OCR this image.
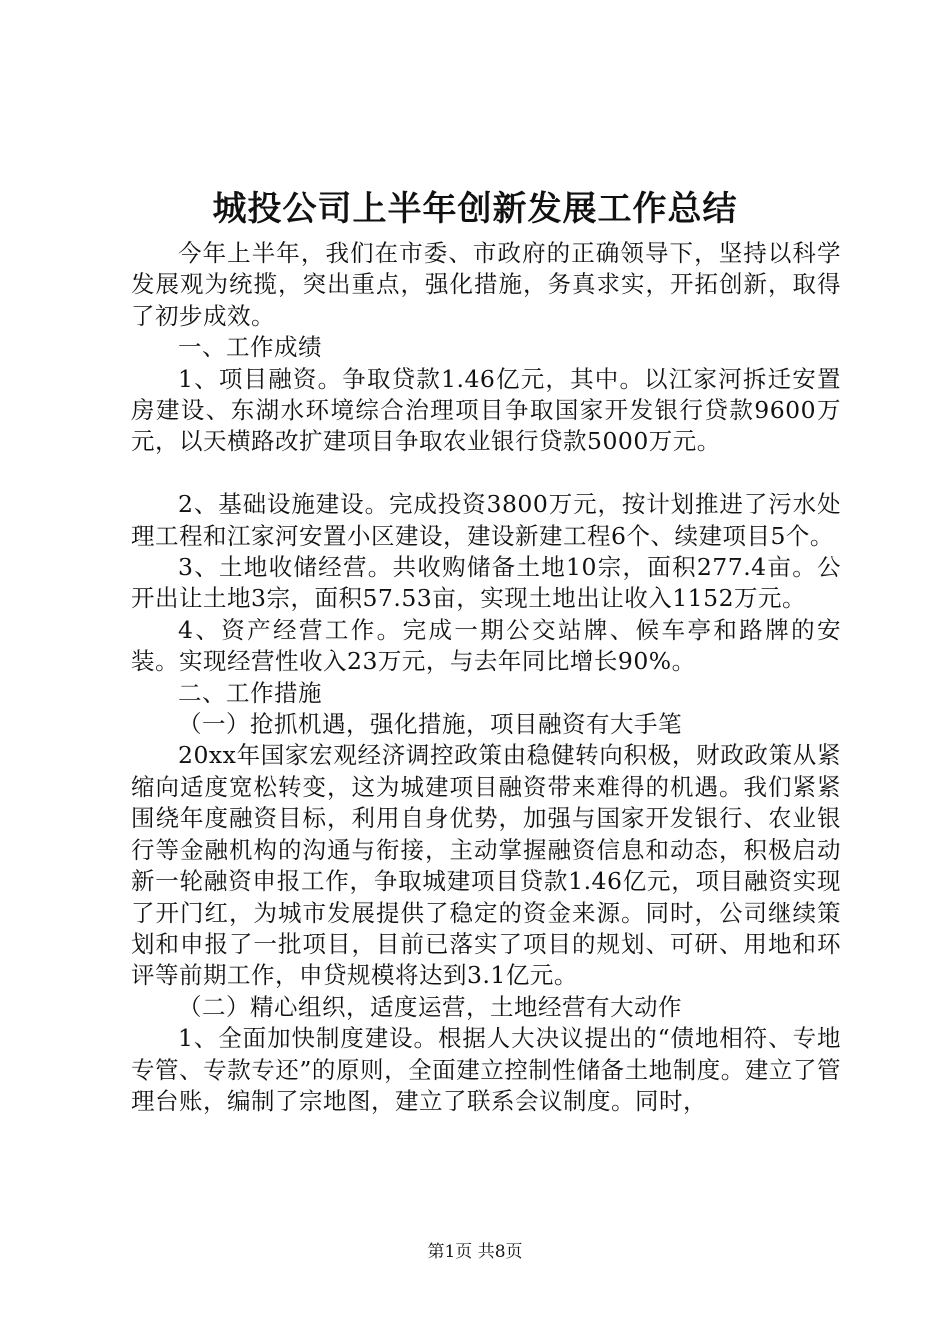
城投公司上半年创新发展工作总结

今年上半年，我们在市委、市政府的正确领导下，坚持以科学发展观为统揽，突出重点，强化措施，务真求实，开拓创新，取得了初步成效。

一、工作成绩

1、项目融资。争取贷款1.46亿元，其中。以江家河拆迁安置房建设、东湖水环境综合治理项目争取国家开发银行贷款9600万元，以天横路改扩建项目争取农业银行贷款5000万元。

2、基础设施建设。完成投资3800万元，按计划推进了污水处理工程和江家河安置小区建设，建设新建工程6个、续建项目5个。

3、土地收储经营。共收购储备土地10宗，面积277.4亩。公开出让土地3宗，面积57.53亩，实现土地出让收入1152万元。

4、资产经营工作。完成一期公交站牌、候车亭和路牌的安装。实现经营性收入23万元，与去年同比增长90%。

二、工作措施

（一）抢抓机遇，强化措施，项目融资有大手笔

20xx年国家宏观经济调控政策由稳健转向积极，财政政策从紧缩向适度宽松转变，这为城建项目融资带来难得的机遇。我们紧紧围绕年度融资目标，利用自身优势，加强与国家开发银行、农业银行等金融机构的沟通与衔接，主动掌握融资信息和动态，积极启动新一轮融资申报工作，争取城建项目贷款1.46亿元，项目融资实现了开门红，为城市发展提供了稳定的资金来源。同时，公司继续策划和申报了一批项目，目前已落实了项目的规划、可研、用地和环评等前期工作，申贷规模将达到3.1亿元。

（二）精心组织，适度运营，土地经营有大动作

1、全面加快制度建设。根据人大决议提出的“债地相符、专地专管、专款专还”的原则，全面建立控制性储备土地制度。建立了管理台账，编制了宗地图，建立了联系会议制度。同时，

第1页 共8页
